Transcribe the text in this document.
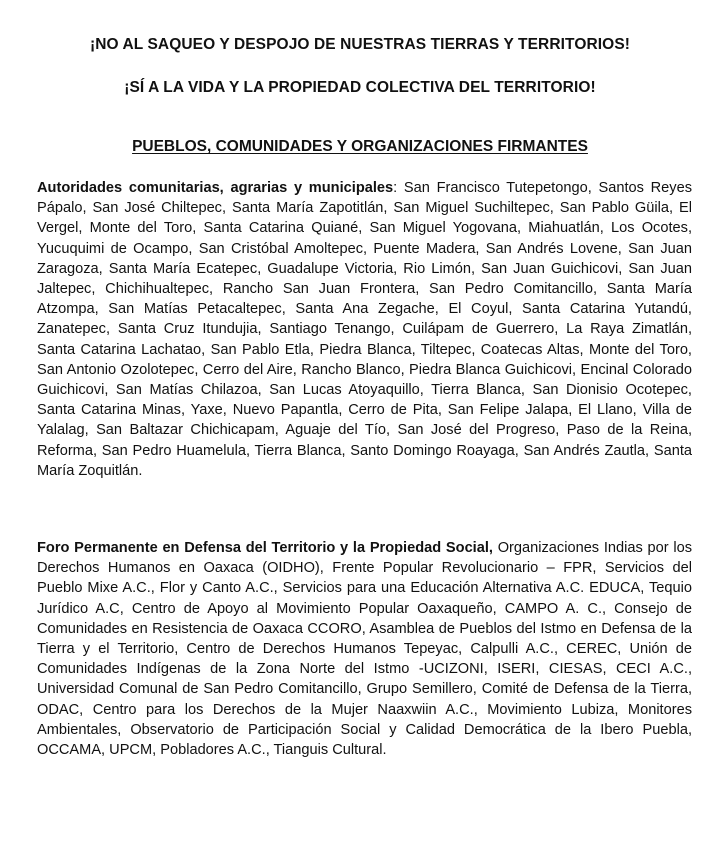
¡NO AL SAQUEO Y DESPOJO DE NUESTRAS TIERRAS Y TERRITORIOS!
¡SÍ A LA VIDA Y LA PROPIEDAD COLECTIVA DEL TERRITORIO!
PUEBLOS, COMUNIDADES Y ORGANIZACIONES FIRMANTES
Autoridades comunitarias, agrarias y municipales: San Francisco Tutepetongo, Santos Reyes Pápalo, San José Chiltepec, Santa María Zapotitlán, San Miguel Suchiltepec, San Pablo Güila, El Vergel, Monte del Toro, Santa Catarina Quiané, San Miguel Yogovana, Miahuatlán, Los Ocotes, Yucuquimi de Ocampo, San Cristóbal Amoltepec, Puente Madera, San Andrés Lovene, San Juan Zaragoza, Santa María Ecatepec, Guadalupe Victoria, Rio Limón, San Juan Guichicovi, San Juan Jaltepec, Chichihualtepec, Rancho San Juan Frontera, San Pedro Comitancillo, Santa María Atzompa, San Matías Petacaltepec, Santa Ana Zegache, El Coyul, Santa Catarina Yutandú, Zanatepec, Santa Cruz Itundujia, Santiago Tenango, Cuilápam de Guerrero, La Raya Zimatlán, Santa Catarina Lachatao, San Pablo Etla, Piedra Blanca, Tiltepec, Coatecas Altas, Monte del Toro, San Antonio Ozolotepec, Cerro del Aire, Rancho Blanco, Piedra Blanca Guichicovi, Encinal Colorado Guichicovi, San Matías Chilazoa, San Lucas Atoyaquillo, Tierra Blanca, San Dionisio Ocotepec, Santa Catarina Minas, Yaxe, Nuevo Papantla, Cerro de Pita, San Felipe Jalapa, El Llano, Villa de Yalalag, San Baltazar Chichicapam, Aguaje del Tío, San José del Progreso, Paso de la Reina, Reforma, San Pedro Huamelula, Tierra Blanca, Santo Domingo Roayaga, San Andrés Zautla, Santa María Zoquitlán.
Foro Permanente en Defensa del Territorio y la Propiedad Social, Organizaciones Indias por los Derechos Humanos en Oaxaca (OIDHO), Frente Popular Revolucionario – FPR, Servicios del Pueblo Mixe A.C., Flor y Canto A.C., Servicios para una Educación Alternativa A.C. EDUCA, Tequio Jurídico A.C, Centro de Apoyo al Movimiento Popular Oaxaqueño, CAMPO A. C., Consejo de Comunidades en Resistencia de Oaxaca CCORO, Asamblea de Pueblos del Istmo en Defensa de la Tierra y el Territorio, Centro de Derechos Humanos Tepeyac, Calpulli A.C., CEREC, Unión de Comunidades Indígenas de la Zona Norte del Istmo -UCIZONI, ISERI, CIESAS, CECI A.C., Universidad Comunal de San Pedro Comitancillo, Grupo Semillero, Comité de Defensa de la Tierra, ODAC, Centro para los Derechos de la Mujer Naaxwiin A.C., Movimiento Lubiza, Monitores Ambientales, Observatorio de Participación Social y Calidad Democrática de la Ibero Puebla, OCCAMA, UPCM, Pobladores A.C., Tianguis Cultural.
